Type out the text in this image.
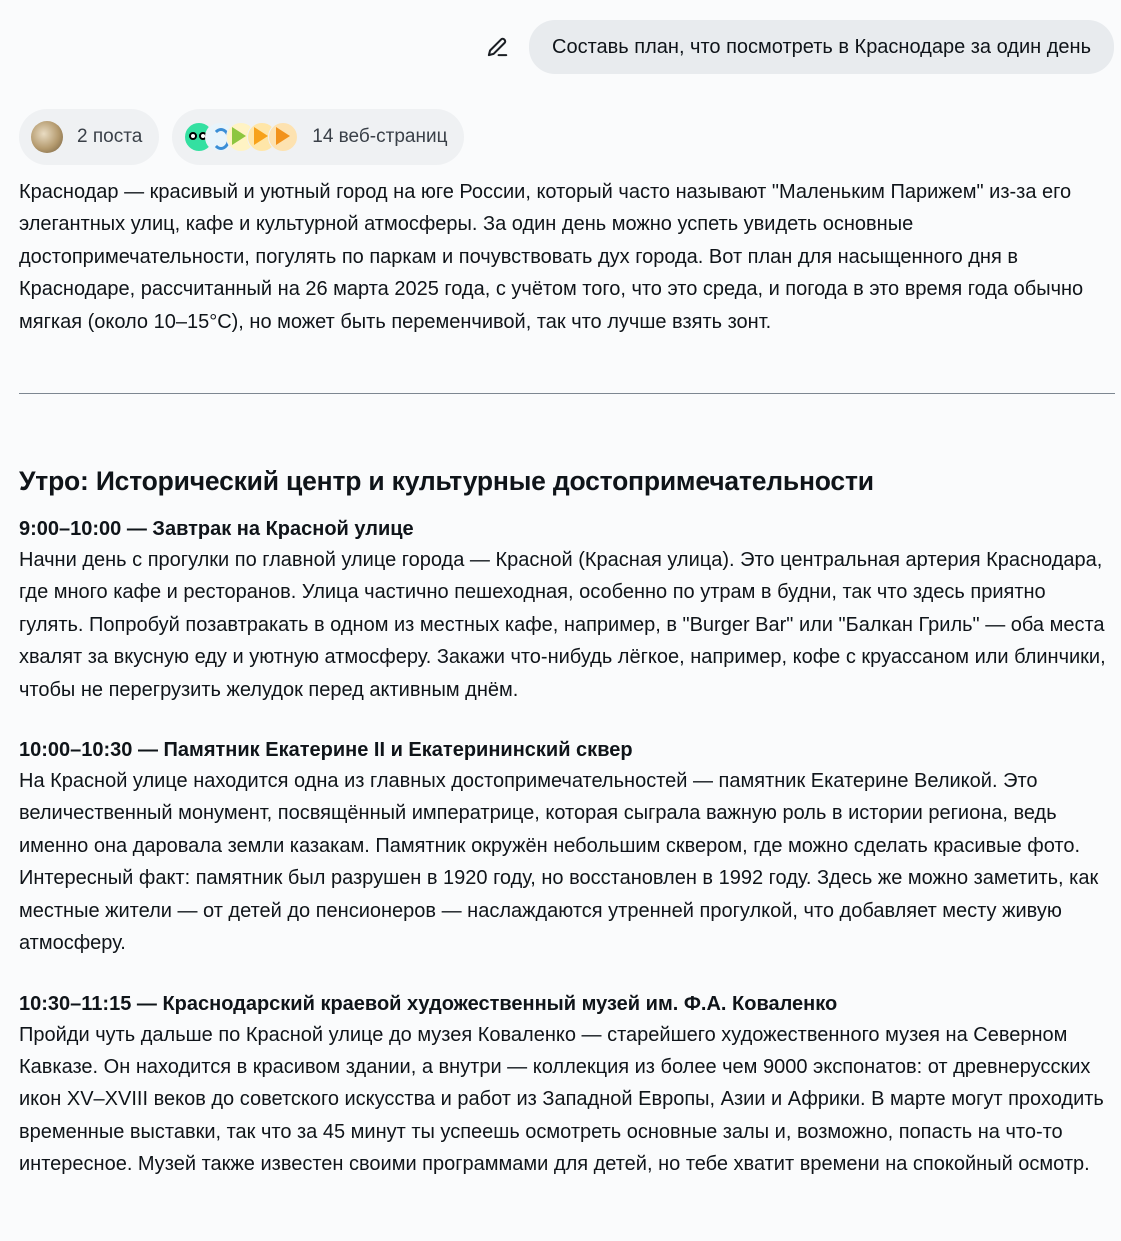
Составь план, что посмотреть в Краснодаре за один день
2 поста	14 веб-страниц

Краснодар — красивый и уютный город на юге России, который часто называют "Маленьким Парижем" из-за его элегантных улиц, кафе и культурной атмосферы. За один день можно успеть увидеть основные достопримечательности, погулять по паркам и почувствовать дух города. Вот план для насыщенного дня в Краснодаре, рассчитанный на 26 марта 2025 года, с учётом того, что это среда, и погода в это время года обычно мягкая (около 10–15°C), но может быть переменчивой, так что лучше взять зонт.

Утро: Исторический центр и культурные достопримечательности

9:00–10:00 — Завтрак на Красной улице

Начни день с прогулки по главной улице города — Красной (Красная улица). Это центральная артерия Краснодара, где много кафе и ресторанов. Улица частично пешеходная, особенно по утрам в будни, так что здесь приятно гулять. Попробуй позавтракать в одном из местных кафе, например, в "Burger Bar" или "Балкан Гриль" — оба места хвалят за вкусную еду и уютную атмосферу. Закажи что-нибудь лёгкое, например, кофе с круассаном или блинчики, чтобы не перегрузить желудок перед активным днём.

10:00–10:30 — Памятник Екатерине II и Екатерининский сквер

На Красной улице находится одна из главных достопримечательностей — памятник Екатерине Великой. Это величественный монумент, посвящённый императрице, которая сыграла важную роль в истории региона, ведь именно она даровала земли казакам. Памятник окружён небольшим сквером, где можно сделать красивые фото. Интересный факт: памятник был разрушен в 1920 году, но восстановлен в 1992 году. Здесь же можно заметить, как местные жители — от детей до пенсионеров — наслаждаются утренней прогулкой, что добавляет месту живую атмосферу.

10:30–11:15 — Краснодарский краевой художественный музей им. Ф.А. Коваленко

Пройди чуть дальше по Красной улице до музея Коваленко — старейшего художественного музея на Северном Кавказе. Он находится в красивом здании, а внутри — коллекция из более чем 9000 экспонатов: от древнерусских икон XV–XVIII веков до советского искусства и работ из Западной Европы, Азии и Африки. В марте могут проходить временные выставки, так что за 45 минут ты успеешь осмотреть основные залы и, возможно, попасть на что-то интересное. Музей также известен своими программами для детей, но тебе хватит времени на спокойный осмотр.
